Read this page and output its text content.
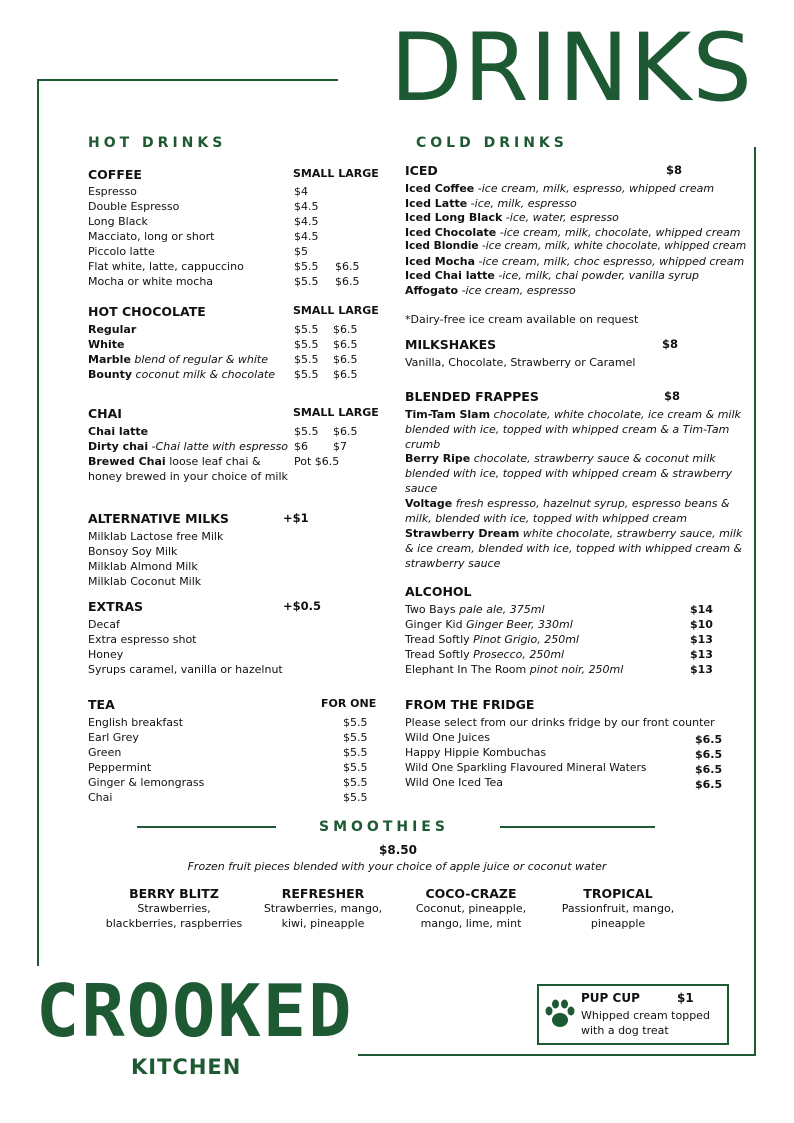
DRINKS
HOT DRINKS	COLD DRINKS
COFFEE	SMALL LARGE
Espresso	$4
Double Espresso	$4.5
Long Black	$4.5
Macciato, long or short	$4.5
Piccolo latte	$5
Flat white, latte, cappuccino	$5.5 $6.5
Mocha or white mocha	$5.5 $6.5
HOT CHOCOLATE	SMALL LARGE
Regular	$5.5 $6.5
White	$5.5 $6.5
Marble blend of regular & white $5.5 $6.5
Bounty coconut milk & chocolate $5.5 $6.5
CHAI	SMALL LARGE
Chai latte	$5.5 $6.5
Dirty chai -Chai latte with espresso $6 $7
Brewed Chai loose leaf chai &	Pot $6.5
honey brewed in your choice of milk
ALTERNATIVE MILKS	+$1
Milklab Lactose free Milk
Bonsoy Soy Milk
Milklab Almond Milk
Milklab Coconut Milk
EXTRAS	+$0.5
Decaf
Extra espresso shot
Honey
Syrups caramel, vanilla or hazelnut
TEA	FOR ONE
English breakfast	$5.5
Earl Grey	$5.5
Green	$5.5
Peppermint	$5.5
Ginger & lemongrass	$5.5
Chai	$5.5
ICED	$8
Iced Coffee -ice cream, milk, espresso, whipped cream
Iced Latte -ice, milk, espresso
Iced Long Black -ice, water, espresso
Iced Chocolate -ice cream, milk, chocolate, whipped cream
Iced Blondie -ice cream, milk, white chocolate, whipped cream
Iced Mocha -ice cream, milk, choc espresso, whipped cream
Iced Chai latte -ice, milk, chai powder, vanilla syrup
Affogato -ice cream, espresso
*Dairy-free ice cream available on request
MILKSHAKES	$8
Vanilla, Chocolate, Strawberry or Caramel
BLENDED FRAPPES	$8
Tim-Tam Slam chocolate, white chocolate, ice cream & milk blended with ice, topped with whipped cream & a Tim-Tam crumb
Berry Ripe chocolate, strawberry sauce & coconut milk blended with ice, topped with whipped cream & strawberry sauce
Voltage fresh espresso, hazelnut syrup, espresso beans & milk, blended with ice, topped with whipped cream
Strawberry Dream white chocolate, strawberry sauce, milk & ice cream, blended with ice, topped with whipped cream & strawberry sauce
ALCOHOL
Two Bays pale ale, 375ml	$14
Ginger Kid Ginger Beer, 330ml	$10
Tread Softly Pinot Grigio, 250ml	$13
Tread Softly Prosecco, 250ml	$13
Elephant In The Room pinot noir, 250ml	$13
FROM THE FRIDGE
Please select from our drinks fridge by our front counter
Wild One Juices	$6.5
Happy Hippie Kombuchas	$6.5
Wild One Sparkling Flavoured Mineral Waters	$6.5
Wild One Iced Tea	$6.5
SMOOTHIES
$8.50
Frozen fruit pieces blended with your choice of apple juice or coconut water
BERRY BLITZ
Strawberries,
blackberries, raspberries
REFRESHER
Strawberries, mango,
kiwi, pineapple
COCO-CRAZE
Coconut, pineapple,
mango, lime, mint
TROPICAL
Passionfruit, mango,
pineapple
CROOKED
KITCHEN
PUP CUP	$1
Whipped cream topped
with a dog treat
